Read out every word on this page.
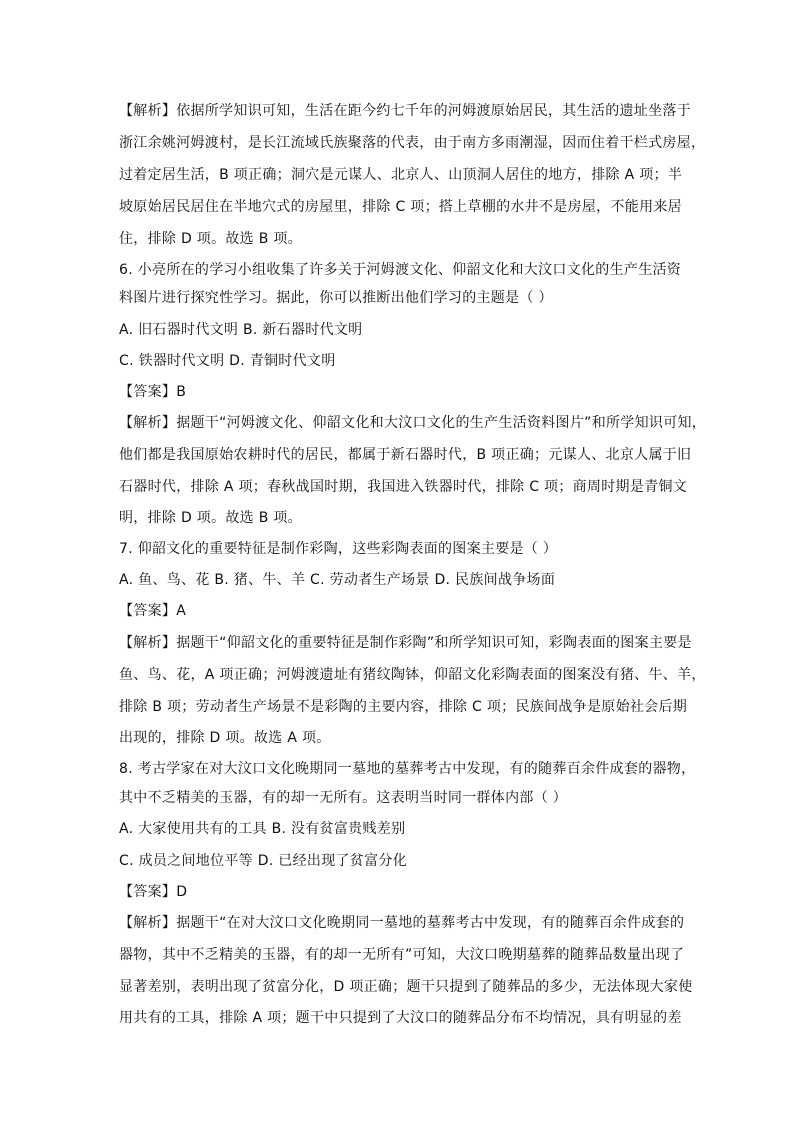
【解析】依据所学知识可知，生活在距今约七千年的河姆渡原始居民，其生活的遗址坐落于
浙江余姚河姆渡村，是长江流域氏族聚落的代表，由于南方多雨潮湿，因而住着干栏式房屋，
过着定居生活，B 项正确；洞穴是元谋人、北京人、山顶洞人居住的地方，排除 A 项；半
坡原始居民居住在半地穴式的房屋里，排除 C 项；搭上草棚的水井不是房屋，不能用来居
住，排除 D 项。故选 B 项。
6. 小亮所在的学习小组收集了许多关于河姆渡文化、仰韶文化和大汶口文化的生产生活资
料图片进行探究性学习。据此，你可以推断出他们学习的主题是（ ）
A. 旧石器时代文明 B. 新石器时代文明
C. 铁器时代文明 D. 青铜时代文明
【答案】B
【解析】据题干“河姆渡文化、仰韶文化和大汶口文化的生产生活资料图片”和所学知识可知，
他们都是我国原始农耕时代的居民，都属于新石器时代，B 项正确；元谋人、北京人属于旧
石器时代，排除 A 项；春秋战国时期，我国进入铁器时代，排除 C 项；商周时期是青铜文
明，排除 D 项。故选 B 项。
7. 仰韶文化的重要特征是制作彩陶，这些彩陶表面的图案主要是（ ）
A. 鱼、鸟、花 B. 猪、牛、羊 C. 劳动者生产场景 D. 民族间战争场面
【答案】A
【解析】据题干“仰韶文化的重要特征是制作彩陶”和所学知识可知，彩陶表面的图案主要是
鱼、鸟、花，A 项正确；河姆渡遗址有猪纹陶钵，仰韶文化彩陶表面的图案没有猪、牛、羊，
排除 B 项；劳动者生产场景不是彩陶的主要内容，排除 C 项；民族间战争是原始社会后期
出现的，排除 D 项。故选 A 项。
8. 考古学家在对大汶口文化晚期同一墓地的墓葬考古中发现，有的随葬百余件成套的器物，
其中不乏精美的玉器，有的却一无所有。这表明当时同一群体内部（ ）
A. 大家使用共有的工具 B. 没有贫富贵贱差别
C. 成员之间地位平等 D. 已经出现了贫富分化
【答案】D
【解析】据题干“在对大汶口文化晚期同一墓地的墓葬考古中发现，有的随葬百余件成套的
器物，其中不乏精美的玉器，有的却一无所有”可知，大汶口晚期墓葬的随葬品数量出现了
显著差别，表明出现了贫富分化，D 项正确；题干只提到了随葬品的多少，无法体现大家使
用共有的工具，排除 A 项；题干中只提到了大汶口的随葬品分布不均情况，具有明显的差
